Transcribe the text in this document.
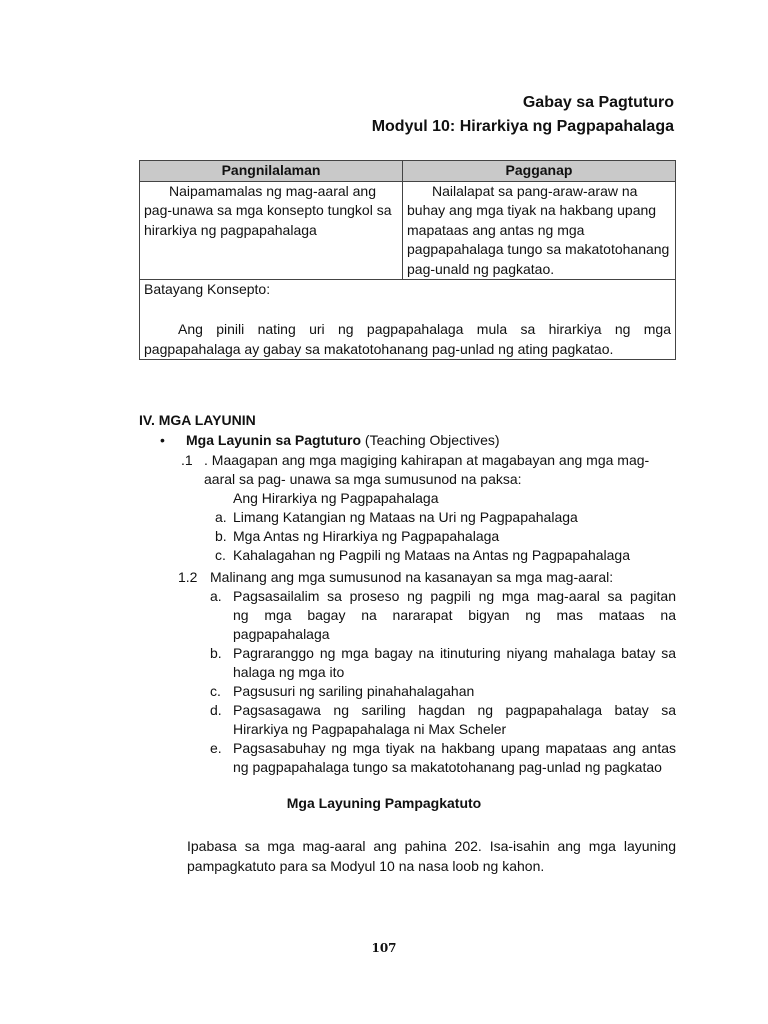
Gabay sa Pagtuturo
Modyul 10: Hirarkiya ng Pagpapahalaga
Pangnilalaman	Pagganap
Naipamamalas ng mag-aaral ang pag-unawa sa mga konsepto tungkol sa hirarkiya ng pagpapahalaga	Nailalapat sa pang-araw-araw na buhay ang mga tiyak na hakbang upang mapataas ang antas ng mga pagpapahalaga tungo sa makatotohanang pag-unald ng pagkatao.

Batayang Konsepto:
Ang pinili nating uri ng pagpapahalaga mula sa hirarkiya ng mga pagpapahalaga ay gabay sa makatotohanang pag-unlad ng ating pagkatao.	
IV. MGA LAYUNIN
• Mga Layunin sa Pagtuturo (Teaching Objectives)
.1 . Maagapan ang mga magiging kahirapan at magabayan ang mga mag-
aaral sa pag- unawa sa mga sumusunod na paksa:
Ang Hirarkiya ng Pagpapahalaga
a. Limang Katangian ng Mataas na Uri ng Pagpapahalaga
b. Mga Antas ng Hirarkiya ng Pagpapahalaga
c. Kahalagahan ng Pagpili ng Mataas na Antas ng Pagpapahalaga
1.2 Malinang ang mga sumusunod na kasanayan sa mga mag-aaral:
a. Pagsasailalim sa proseso ng pagpili ng mga mag-aaral sa pagitan
ng mga bagay na nararapat bigyan ng mas mataas na
pagpapahalaga
b. Pagraranggo ng mga bagay na itinuturing niyang mahalaga batay sa
halaga ng mga ito
c. Pagsusuri ng sariling pinahahalagahan
d. Pagsasagawa ng sariling hagdan ng pagpapahalaga batay sa
Hirarkiya ng Pagpapahalaga ni Max Scheler
e. Pagsasabuhay ng mga tiyak na hakbang upang mapataas ang antas
ng pagpapahalaga tungo sa makatotohanang pag-unlad ng pagkatao
Mga Layuning Pampagkatuto
Ipabasa sa mga mag-aaral ang pahina 202. Isa-isahin ang mga layuning pampagkatuto para sa Modyul 10 na nasa loob ng kahon.
107
